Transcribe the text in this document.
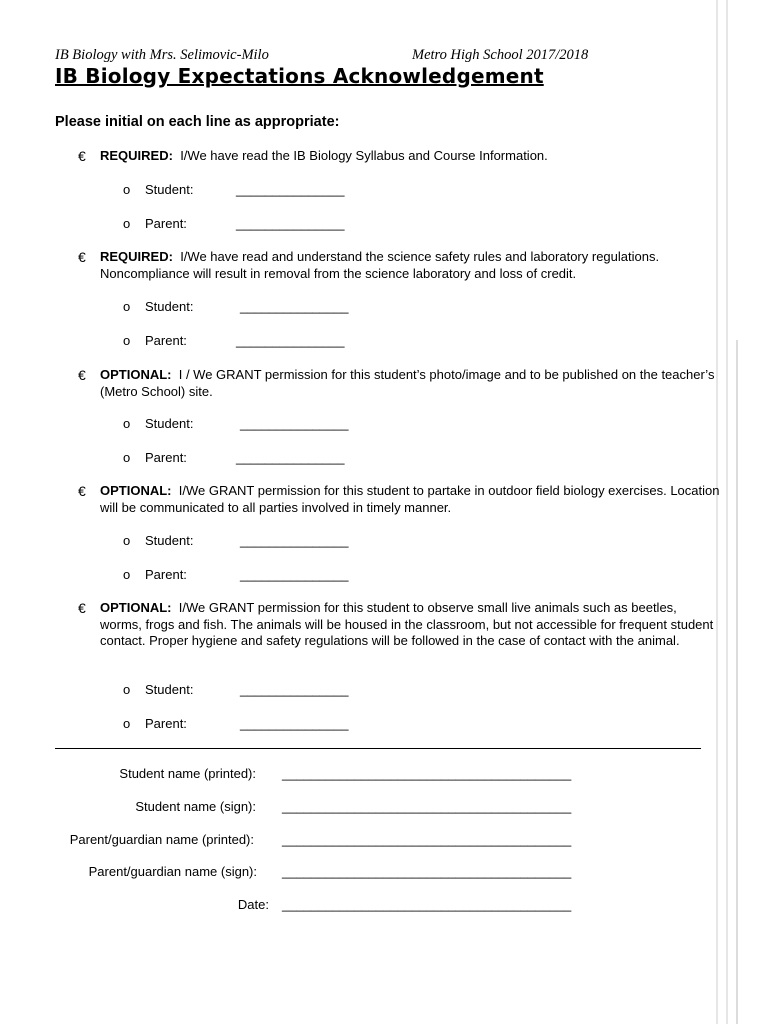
IB Biology with Mrs. Selimovic-Milo	Metro High School 2017/2018
IB Biology Expectations Acknowledgement
Please initial on each line as appropriate:
€ REQUIRED: I/We have read the IB Biology Syllabus and Course Information.
o Student:	_______________
o Parent:	_______________
€ REQUIRED: I/We have read and understand the science safety rules and laboratory regulations. Noncompliance will result in removal from the science laboratory and loss of credit.
o Student:	_______________
o Parent:	_______________
€ OPTIONAL: I / We GRANT permission for this student’s photo/image and to be published on the teacher’s (Metro School) site.
o Student:	_______________
o Parent:	_______________
€ OPTIONAL: I/We GRANT permission for this student to partake in outdoor field biology exercises. Location will be communicated to all parties involved in timely manner.
o Student:	_______________
o Parent:	_______________
€ OPTIONAL: I/We GRANT permission for this student to observe small live animals such as beetles, worms, frogs and fish. The animals will be housed in the classroom, but not accessible for frequent student contact. Proper hygiene and safety regulations will be followed in the case of contact with the animal.
o Student:	_______________
o Parent:	_______________
Student name (printed): ________________________________________
Student name (sign): ________________________________________
Parent/guardian name (printed): ________________________________________
Parent/guardian name (sign): ________________________________________
Date: ________________________________________
